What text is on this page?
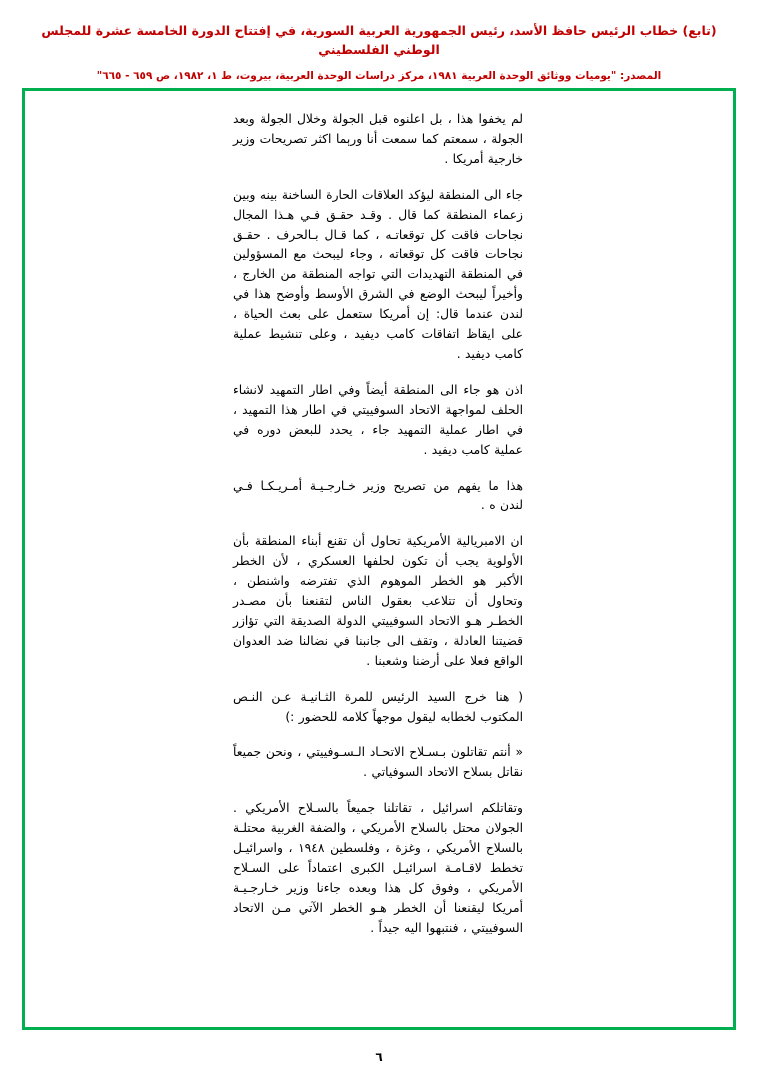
(تابع) خطاب الرئيس حافظ الأسد، رئيس الجمهورية العربية السورية، في إفتتاح الدورة الخامسة عشرة للمجلس الوطني الفلسطيني
المصدر: "يوميات ووثائق الوحدة العربية ١٩٨١، مركز دراسات الوحدة العربية، بيروت، ط ١، ١٩٨٢، ص ٦٥٩ - ٦٦٥"

لم يخفوا هذا ، بل اعلنوه قبل الجولة وخلال الجولة وبعد الجولة ، سمعتم كما سمعت أنا ورٻما اكثر تصريحات وزير خارجية أمريكا .

جاء الى المنطقة ليؤكد العلاقات الحارة الساخنة بينه وبين زعماء المنطقة كما قال . وقـد حقـق فـي هـذا المجال نجاحات فاقت كل توقعاتـه ، كما قـال بـالحرف . حقـق نجاحات فاقت كل توقعاته ، وجاء ليبحث مع المسؤولين في المنطقة التهديدات التي تواجه المنطقة من الخارج ، وأخيراً ليبحث الوضع في الشرق الأوسط وأوضح هذا في لندن عندما قال: إن أمريكا ستعمل على بعث الحياة ، على ايقاظ اتفاقات كامب ديفيد ، وعلى تنشيط عملية كامب ديفيد .

اذن هو جاء الى المنطقة أيضاً وفي اطار التمهيد لانشاء الحلف لمواجهة الاتحاد السوفييتي في اطار هذا التمهيد ، في اطار عملية التمهيد جاء ، يحدد للبعض دوره في عملية كامب ديفيد .

هذا ما يفهم من تصريح وزير خـارجـيـة أمـريـكـا فـي لندن ه .

ان الامبريالية الأمريكية تحاول أن تقنع أبناء المنطقة بأن الأولوية يجب أن تكون لحلفها العسكري ، لأن الخطر الأكبر هو الخطر الموهوم الذي تفترضه واشنطن ، وتحاول أن تتلاعب بعقول الناس لتقنعنا بأن مصـدر الخطـر هـو الاتحاد السوفييتي الدولة الصديقة التي تؤازر قضيتنا العادلة ، وتقف الى جانبنا في نضالنا ضد العدوان الواقع فعلا على أرضنا وشعبنا .

( هنا خرج السيد الرئيس للمرة الثـانيـة عـن النـص المكتوب لخطابه ليقول موجهاً كلامه للحضور :)

« أنتم تقاتلون بـسـلاح الاتحـاد الـسـوفييتي ، ونحن جميعاً نقاتل بسلاح الاتحاد السوفياتي .

وتقاتلكم اسرائيل ، تقاتلنا جميعاً بالسـلاح الأمريكي . الجولان محتل بالسلاح الأمريكي ، والضفة الغربية محتلـة بالسلاح الأمريكي ، وغزة ، وفلسطين ١٩٤٨ ، واسرائيـل تخطط لاقـامـة اسرائيـل الكبرى اعتماداً على السـلاح الأمريكي ، وفوق كل هذا وبعده جاءنا وزير خـارجـيـة أمريكا ليقنعنا أن الخطر هـو الخطر الآتي مـن الاتحاد السوفييتي ، فنتبهوا اليه جيداً .

٦
